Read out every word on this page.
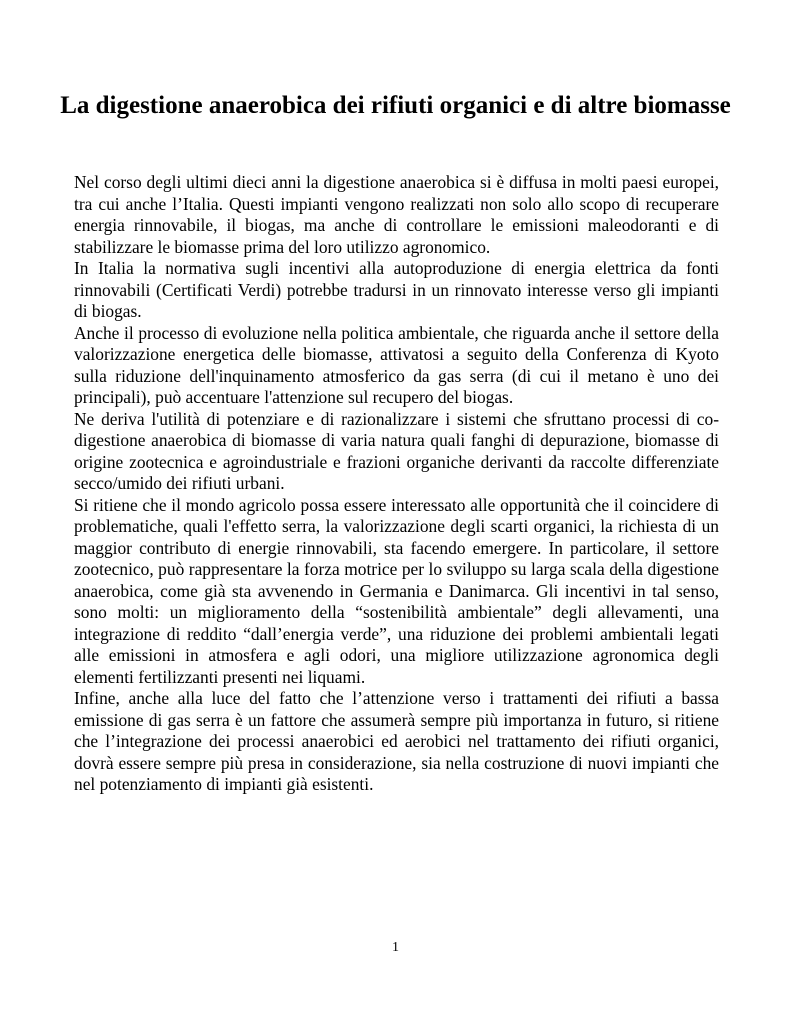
La digestione anaerobica dei rifiuti organici e di altre biomasse

Nel corso degli ultimi dieci anni la digestione anaerobica si è diffusa in molti paesi europei, tra cui anche l’Italia. Questi impianti vengono realizzati non solo allo scopo di recuperare energia rinnovabile, il biogas, ma anche di controllare le emissioni maleodoranti e di stabilizzare le biomasse prima del loro utilizzo agronomico.

In Italia la normativa sugli incentivi alla autoproduzione di energia elettrica da fonti rinnovabili (Certificati Verdi) potrebbe tradursi in un rinnovato interesse verso gli impianti di biogas.

Anche il processo di evoluzione nella politica ambientale, che riguarda anche il settore della valorizzazione energetica delle biomasse, attivatosi a seguito della Conferenza di Kyoto sulla riduzione dell'inquinamento atmosferico da gas serra (di cui il metano è uno dei principali), può accentuare l'attenzione sul recupero del biogas.

Ne deriva l'utilità di potenziare e di razionalizzare i sistemi che sfruttano processi di co-digestione anaerobica di biomasse di varia natura quali fanghi di depurazione, biomasse di origine zootecnica e agroindustriale e frazioni organiche derivanti da raccolte differenziate secco/umido dei rifiuti urbani.

Si ritiene che il mondo agricolo possa essere interessato alle opportunità che il coincidere di problematiche, quali l'effetto serra, la valorizzazione degli scarti organici, la richiesta di un maggior contributo di energie rinnovabili, sta facendo emergere. In particolare, il settore zootecnico, può rappresentare la forza motrice per lo sviluppo su larga scala della digestione anaerobica, come già sta avvenendo in Germania e Danimarca. Gli incentivi in tal senso, sono molti: un miglioramento della “sostenibilità ambientale” degli allevamenti, una integrazione di reddito “dall’energia verde”, una riduzione dei problemi ambientali legati alle emissioni in atmosfera e agli odori, una migliore utilizzazione agronomica degli elementi fertilizzanti presenti nei liquami.

Infine, anche alla luce del fatto che l’attenzione verso i trattamenti dei rifiuti a bassa emissione di gas serra è un fattore che assumerà sempre più importanza in futuro, si ritiene che l’integrazione dei processi anaerobici ed aerobici nel trattamento dei rifiuti organici, dovrà essere sempre più presa in considerazione, sia nella costruzione di nuovi impianti che nel potenziamento di impianti già esistenti.

1
